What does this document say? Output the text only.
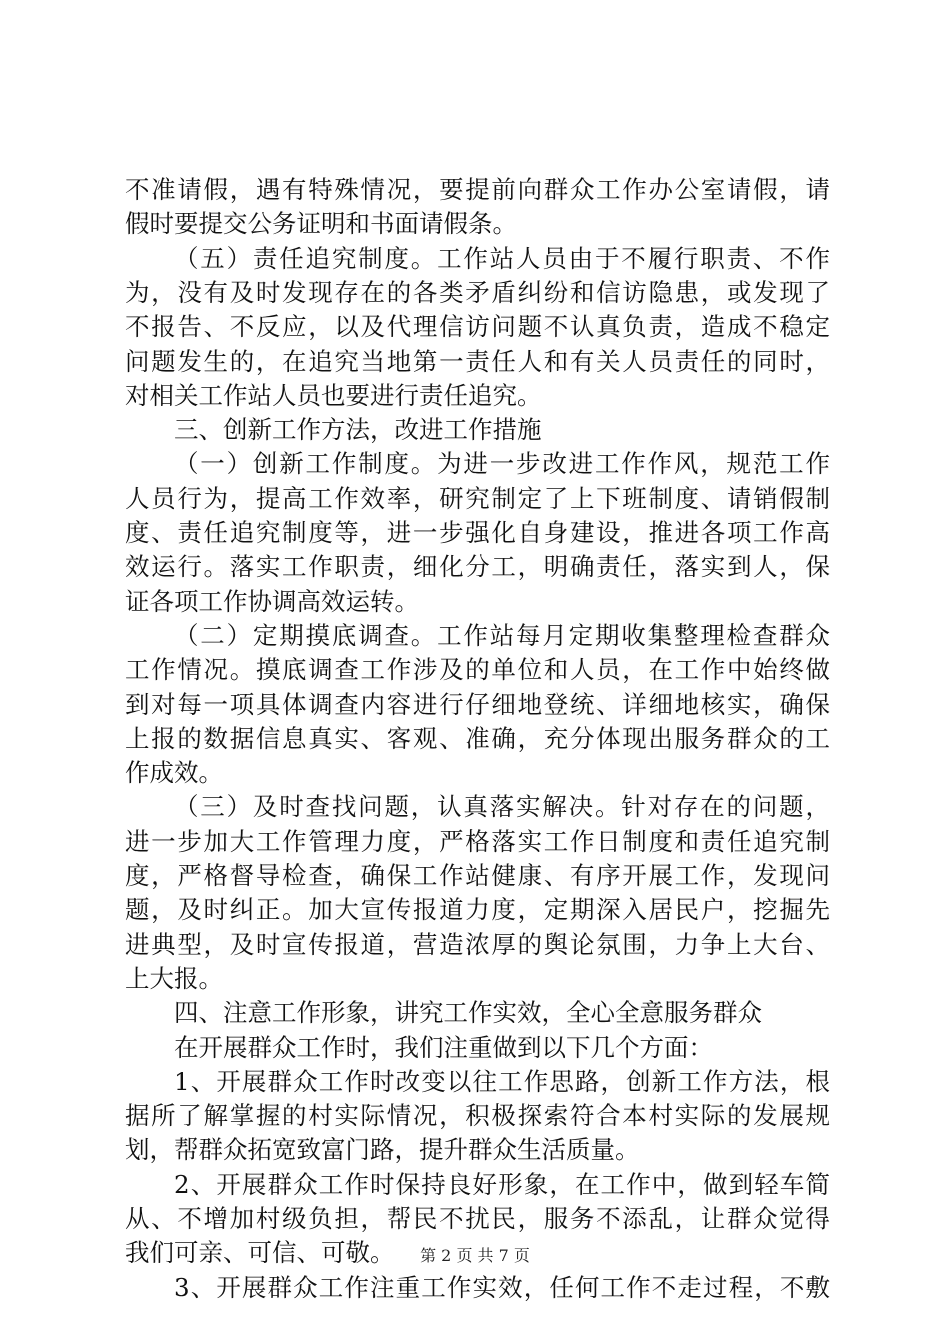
不准请假，遇有特殊情况，要提前向群众工作办公室请假，请
假时要提交公务证明和书面请假条。
（五）责任追究制度。工作站人员由于不履行职责、不作
为，没有及时发现存在的各类矛盾纠纷和信访隐患，或发现了
不报告、不反应，以及代理信访问题不认真负责，造成不稳定
问题发生的，在追究当地第一责任人和有关人员责任的同时，
对相关工作站人员也要进行责任追究。
三、创新工作方法，改进工作措施
（一）创新工作制度。为进一步改进工作作风，规范工作
人员行为，提高工作效率，研究制定了上下班制度、请销假制
度、责任追究制度等，进一步强化自身建设，推进各项工作高
效运行。落实工作职责，细化分工，明确责任，落实到人，保
证各项工作协调高效运转。
（二）定期摸底调查。工作站每月定期收集整理检查群众
工作情况。摸底调查工作涉及的单位和人员，在工作中始终做
到对每一项具体调查内容进行仔细地登统、详细地核实，确保
上报的数据信息真实、客观、准确，充分体现出服务群众的工
作成效。
（三）及时查找问题，认真落实解决。针对存在的问题，
进一步加大工作管理力度，严格落实工作日制度和责任追究制
度，严格督导检查，确保工作站健康、有序开展工作，发现问
题，及时纠正。加大宣传报道力度，定期深入居民户，挖掘先
进典型，及时宣传报道，营造浓厚的舆论氛围，力争上大台、
上大报。
四、注意工作形象，讲究工作实效，全心全意服务群众
在开展群众工作时，我们注重做到以下几个方面：
1、开展群众工作时改变以往工作思路，创新工作方法，根
据所了解掌握的村实际情况，积极探索符合本村实际的发展规
划，帮群众拓宽致富门路，提升群众生活质量。
2、开展群众工作时保持良好形象，在工作中，做到轻车简
从、不增加村级负担，帮民不扰民，服务不添乱，让群众觉得
我们可亲、可信、可敬。
3、开展群众工作注重工作实效，任何工作不走过程，不敷
第 2 页 共 7 页
